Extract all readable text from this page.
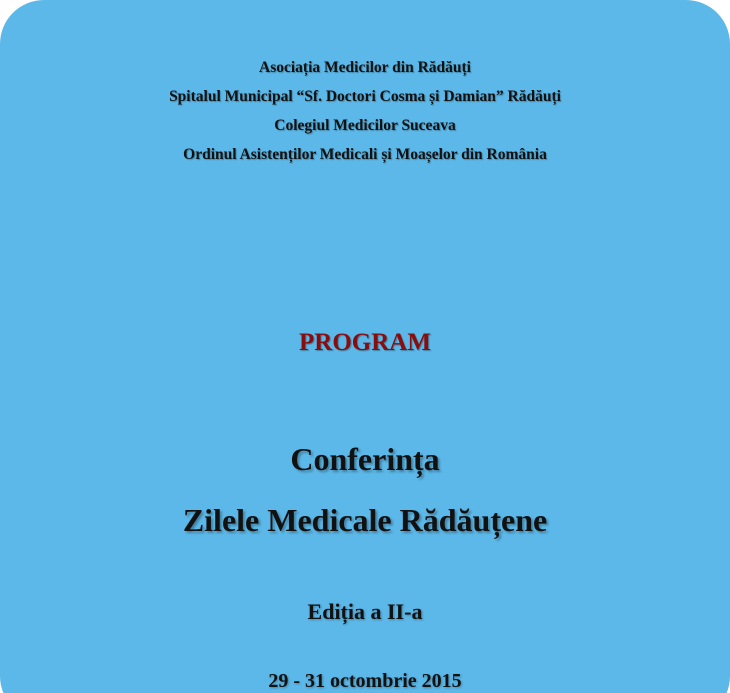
Asociația Medicilor din Rădăuți
Spitalul Municipal “Sf. Doctori Cosma și Damian” Rădăuți
Colegiul Medicilor Suceava
Ordinul Asistenților Medicali și Moașelor din România
PROGRAM
Conferința
Zilele Medicale Rădăuțene
Ediția a II-a
29 - 31 octombrie 2015
